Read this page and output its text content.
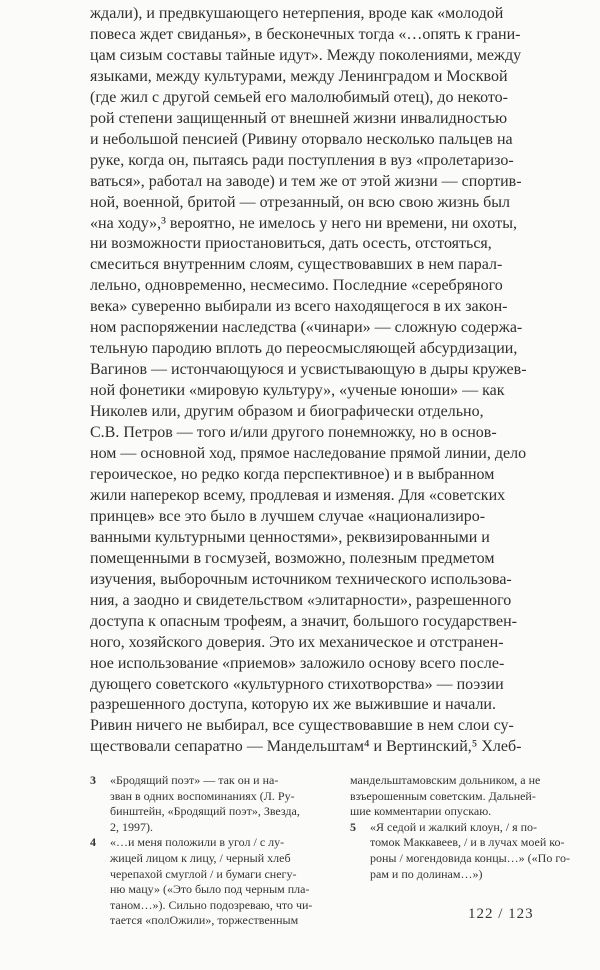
ждали), и предвкушающего нетерпения, вроде как «молодой
повеса ждет свиданья», в бесконечных тогда «…опять к грани-
цам сизым составы тайные идут». Между поколениями, между
языками, между культурами, между Ленинградом и Москвой
(где жил с другой семьей его малолюбимый отец), до некото-
рой степени защищенный от внешней жизни инвалидностью
и небольшой пенсией (Ривину оторвало несколько пальцев на
руке, когда он, пытаясь ради поступления в вуз «пролетаризо-
ваться», работал на заводе) и тем же от этой жизни — спортив-
ной, военной, бритой — отрезанный, он всю свою жизнь был
«на ходу»,³ вероятно, не имелось у него ни времени, ни охоты,
ни возможности приостановиться, дать осесть, отстояться,
смеситься внутренним слоям, существовавших в нем парал-
лельно, одновременно, несмесимо. Последние «серебряного
века» суверенно выбирали из всего находящегося в их закон-
ном распоряжении наследства («чинари» — сложную содержа-
тельную пародию вплоть до переосмысляющей абсурдизации,
Вагинов — истончающуюся и усвистывающую в дыры кружев-
ной фонетики «мировую культуру», «ученые юноши» — как
Николев или, другим образом и биографически отдельно,
С.В. Петров — того и/или другого понемножку, но в основ-
ном — основной ход, прямое наследование прямой линии, дело
героическое, но редко когда перспективное) и в выбранном
жили наперекор всему, продлевая и изменяя. Для «советских
принцев» все это было в лучшем случае «национализиро-
ванными культурными ценностями», реквизированными и
помещенными в госмузей, возможно, полезным предметом
изучения, выборочным источником технического использова-
ния, а заодно и свидетельством «элитарности», разрешенного
доступа к опасным трофеям, а значит, большого государствен-
ного, хозяйского доверия. Это их механическое и отстранен-
ное использование «приемов» заложило основу всего после-
дующего советского «культурного стихотворства» — поэзии
разрешенного доступа, которую их же выжившие и начали.
Ривин ничего не выбирал, все существовавшие в нем слои су-
ществовали сепаратно — Мандельштам⁴ и Вертинский,⁵ Хлеб-
3 «Бродящий поэт» — так он и на-
зван в одних воспоминаниях (Л. Ру-
бинштейн, «Бродящий поэт», Звезда,
2, 1997).
4 «…и меня положили в угол / с лу-
жицей лицом к лицу, / черный хлеб
черепахой смуглой / и бумаги снегу-
ню мацу» («Это было под черным пла-
таном…»). Сильно подозреваю, что чи-
тается «полОжили», торжественным
мандельштамовским дольником, а не
взъерошенным советским. Дальней-
шие комментарии опускаю.
5 «Я седой и жалкий клоун, / я по-
томок Маккавеев, / и в лучах моей ко-
роны / могендовида концы…» («По го-
рам и по долинам…»)
122 / 123
